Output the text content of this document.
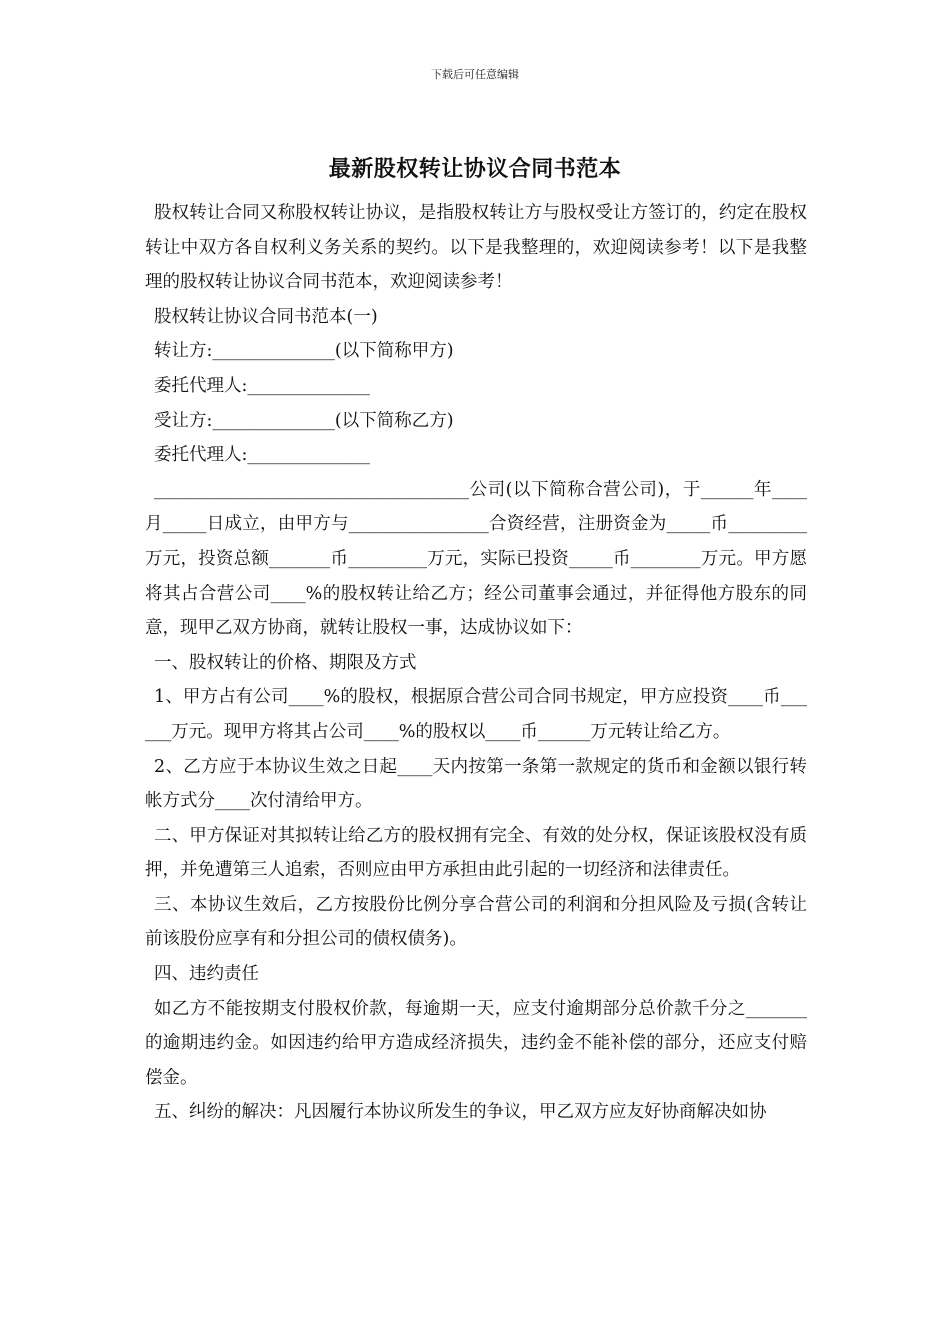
下载后可任意编辑
最新股权转让协议合同书范本

股权转让合同又称股权转让协议，是指股权转让方与股权受让方签订的，约定在股权转让中双方各自权利义务关系的契约。以下是我整理的，欢迎阅读参考！以下是我整理的股权转让协议合同书范本，欢迎阅读参考！

股权转让协议合同书范本(一)

转让方:______________(以下简称甲方)

委托代理人:______________

受让方:______________(以下简称乙方)

委托代理人:______________

____________________________________公司(以下简称合营公司)，于______年____月_____日成立，由甲方与________________合资经营，注册资金为_____币_________万元，投资总额_______币_________万元，实际已投资_____币________万元。甲方愿将其占合营公司____%的股权转让给乙方；经公司董事会通过，并征得他方股东的同意，现甲乙双方协商，就转让股权一事，达成协议如下：

一、股权转让的价格、期限及方式

1、甲方占有公司____%的股权，根据原合营公司合同书规定，甲方应投资____币______万元。现甲方将其占公司____%的股权以____币______万元转让给乙方。

2、乙方应于本协议生效之日起____天内按第一条第一款规定的货币和金额以银行转帐方式分____次付清给甲方。

二、甲方保证对其拟转让给乙方的股权拥有完全、有效的处分权，保证该股权没有质押，并免遭第三人追索，否则应由甲方承担由此引起的一切经济和法律责任。

三、本协议生效后，乙方按股份比例分享合营公司的利润和分担风险及亏损(含转让前该股份应享有和分担公司的债权债务)。

四、违约责任

如乙方不能按期支付股权价款，每逾期一天，应支付逾期部分总价款千分之_______的逾期违约金。如因违约给甲方造成经济损失，违约金不能补偿的部分，还应支付赔偿金。

五、纠纷的解决：凡因履行本协议所发生的争议，甲乙双方应友好协商解决如协
